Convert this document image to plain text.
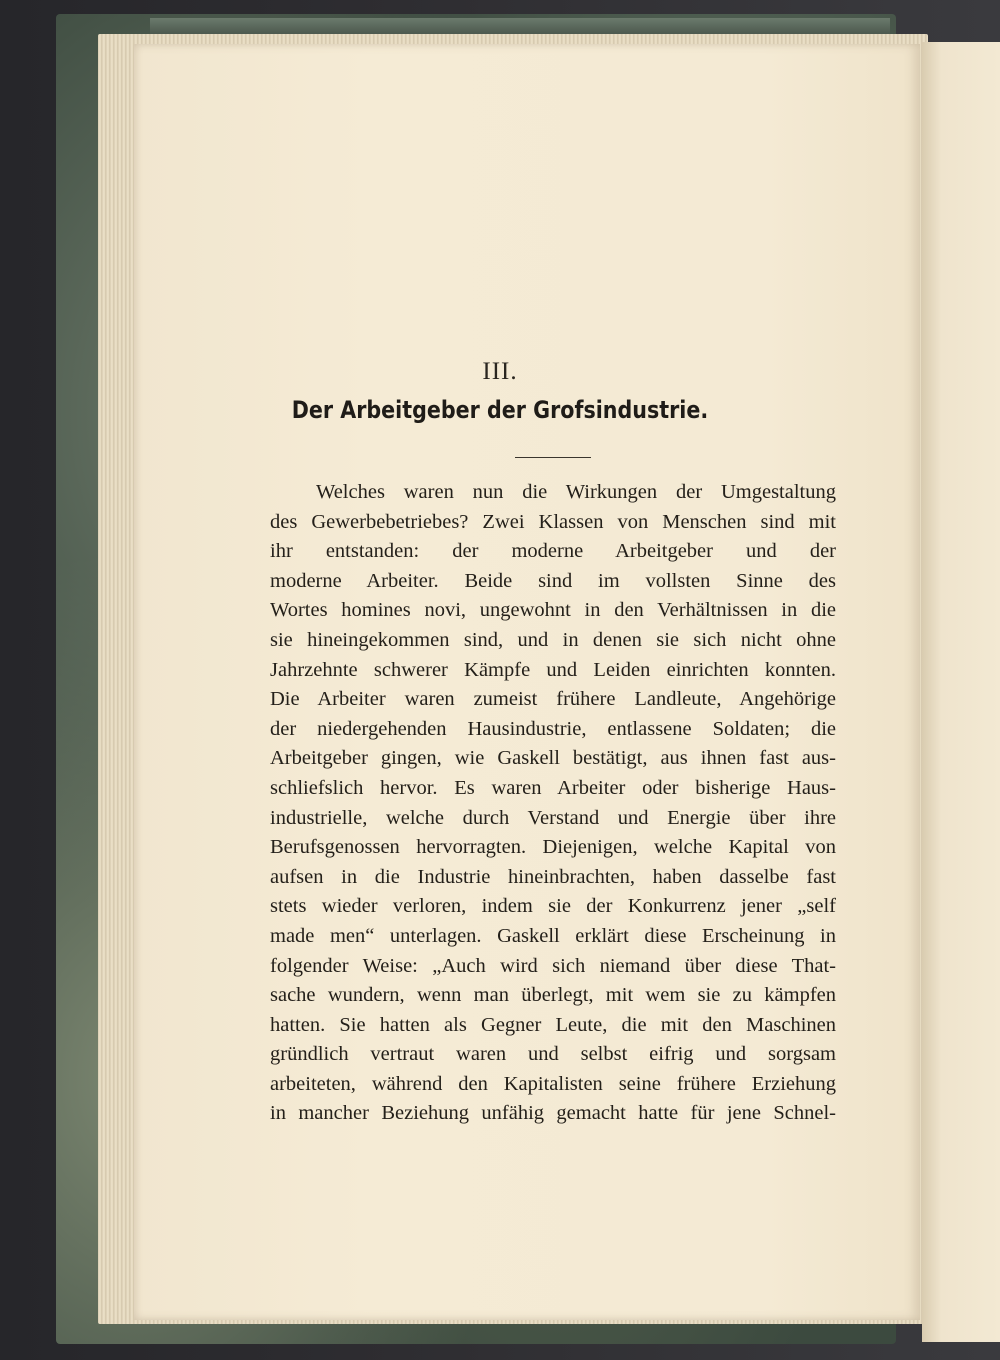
III.
Der Arbeitgeber der Grofsindustrie.
Welches waren nun die Wirkungen der Umgestaltung
des Gewerbebetriebes? Zwei Klassen von Menschen sind mit
ihr entstanden: der moderne Arbeitgeber und der
moderne Arbeiter. Beide sind im vollsten Sinne des
Wortes homines novi, ungewohnt in den Verhältnissen in die
sie hineingekommen sind, und in denen sie sich nicht ohne
Jahrzehnte schwerer Kämpfe und Leiden einrichten konnten.
Die Arbeiter waren zumeist frühere Landleute, Angehörige
der niedergehenden Hausindustrie, entlassene Soldaten; die
Arbeitgeber gingen, wie Gaskell bestätigt, aus ihnen fast aus-
schliefslich hervor. Es waren Arbeiter oder bisherige Haus-
industrielle, welche durch Verstand und Energie über ihre
Berufsgenossen hervorragten. Diejenigen, welche Kapital von
aufsen in die Industrie hineinbrachten, haben dasselbe fast
stets wieder verloren, indem sie der Konkurrenz jener „self
made men“ unterlagen. Gaskell erklärt diese Erscheinung in
folgender Weise: „Auch wird sich niemand über diese That-
sache wundern, wenn man überlegt, mit wem sie zu kämpfen
hatten. Sie hatten als Gegner Leute, die mit den Maschinen
gründlich vertraut waren und selbst eifrig und sorgsam
arbeiteten, während den Kapitalisten seine frühere Erziehung
in mancher Beziehung unfähig gemacht hatte für jene Schnel-
